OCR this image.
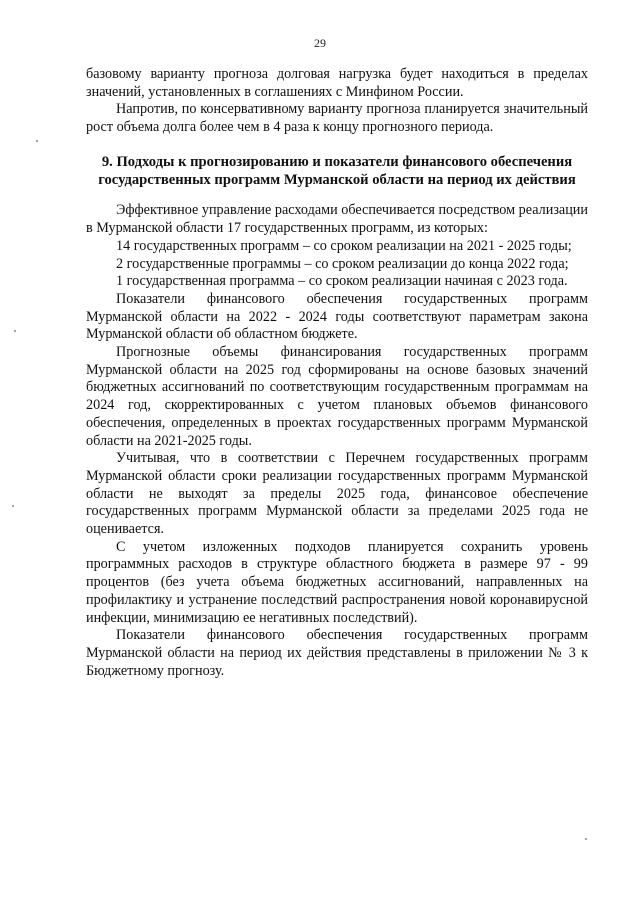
29

базовому варианту прогноза долговая нагрузка будет находиться в пределах значений, установленных в соглашениях с Минфином России.

Напротив, по консервативному варианту прогноза планируется значительный рост объема долга более чем в 4 раза к концу прогнозного периода.

9. Подходы к прогнозированию и показатели финансового обеспечения государственных программ Мурманской области на период их действия

Эффективное управление расходами обеспечивается посредством реализации в Мурманской области 17 государственных программ, из которых:

14 государственных программ – со сроком реализации на 2021 - 2025 годы;

2 государственные программы – со сроком реализации до конца 2022 года;

1 государственная программа – со сроком реализации начиная с 2023 года.

Показатели финансового обеспечения государственных программ Мурманской области на 2022 - 2024 годы соответствуют параметрам закона Мурманской области об областном бюджете.

Прогнозные объемы финансирования государственных программ Мурманской области на 2025 год сформированы на основе базовых значений бюджетных ассигнований по соответствующим государственным программам на 2024 год, скорректированных с учетом плановых объемов финансового обеспечения, определенных в проектах государственных программ Мурманской области на 2021-2025 годы.

Учитывая, что в соответствии с Перечнем государственных программ Мурманской области сроки реализации государственных программ Мурманской области не выходят за пределы 2025 года, финансовое обеспечение государственных программ Мурманской области за пределами 2025 года не оценивается.

С учетом изложенных подходов планируется сохранить уровень программных расходов в структуре областного бюджета в размере 97 - 99 процентов (без учета объема бюджетных ассигнований, направленных на профилактику и устранение последствий распространения новой коронавирусной инфекции, минимизацию ее негативных последствий).

Показатели финансового обеспечения государственных программ Мурманской области на период их действия представлены в приложении № 3 к Бюджетному прогнозу.
